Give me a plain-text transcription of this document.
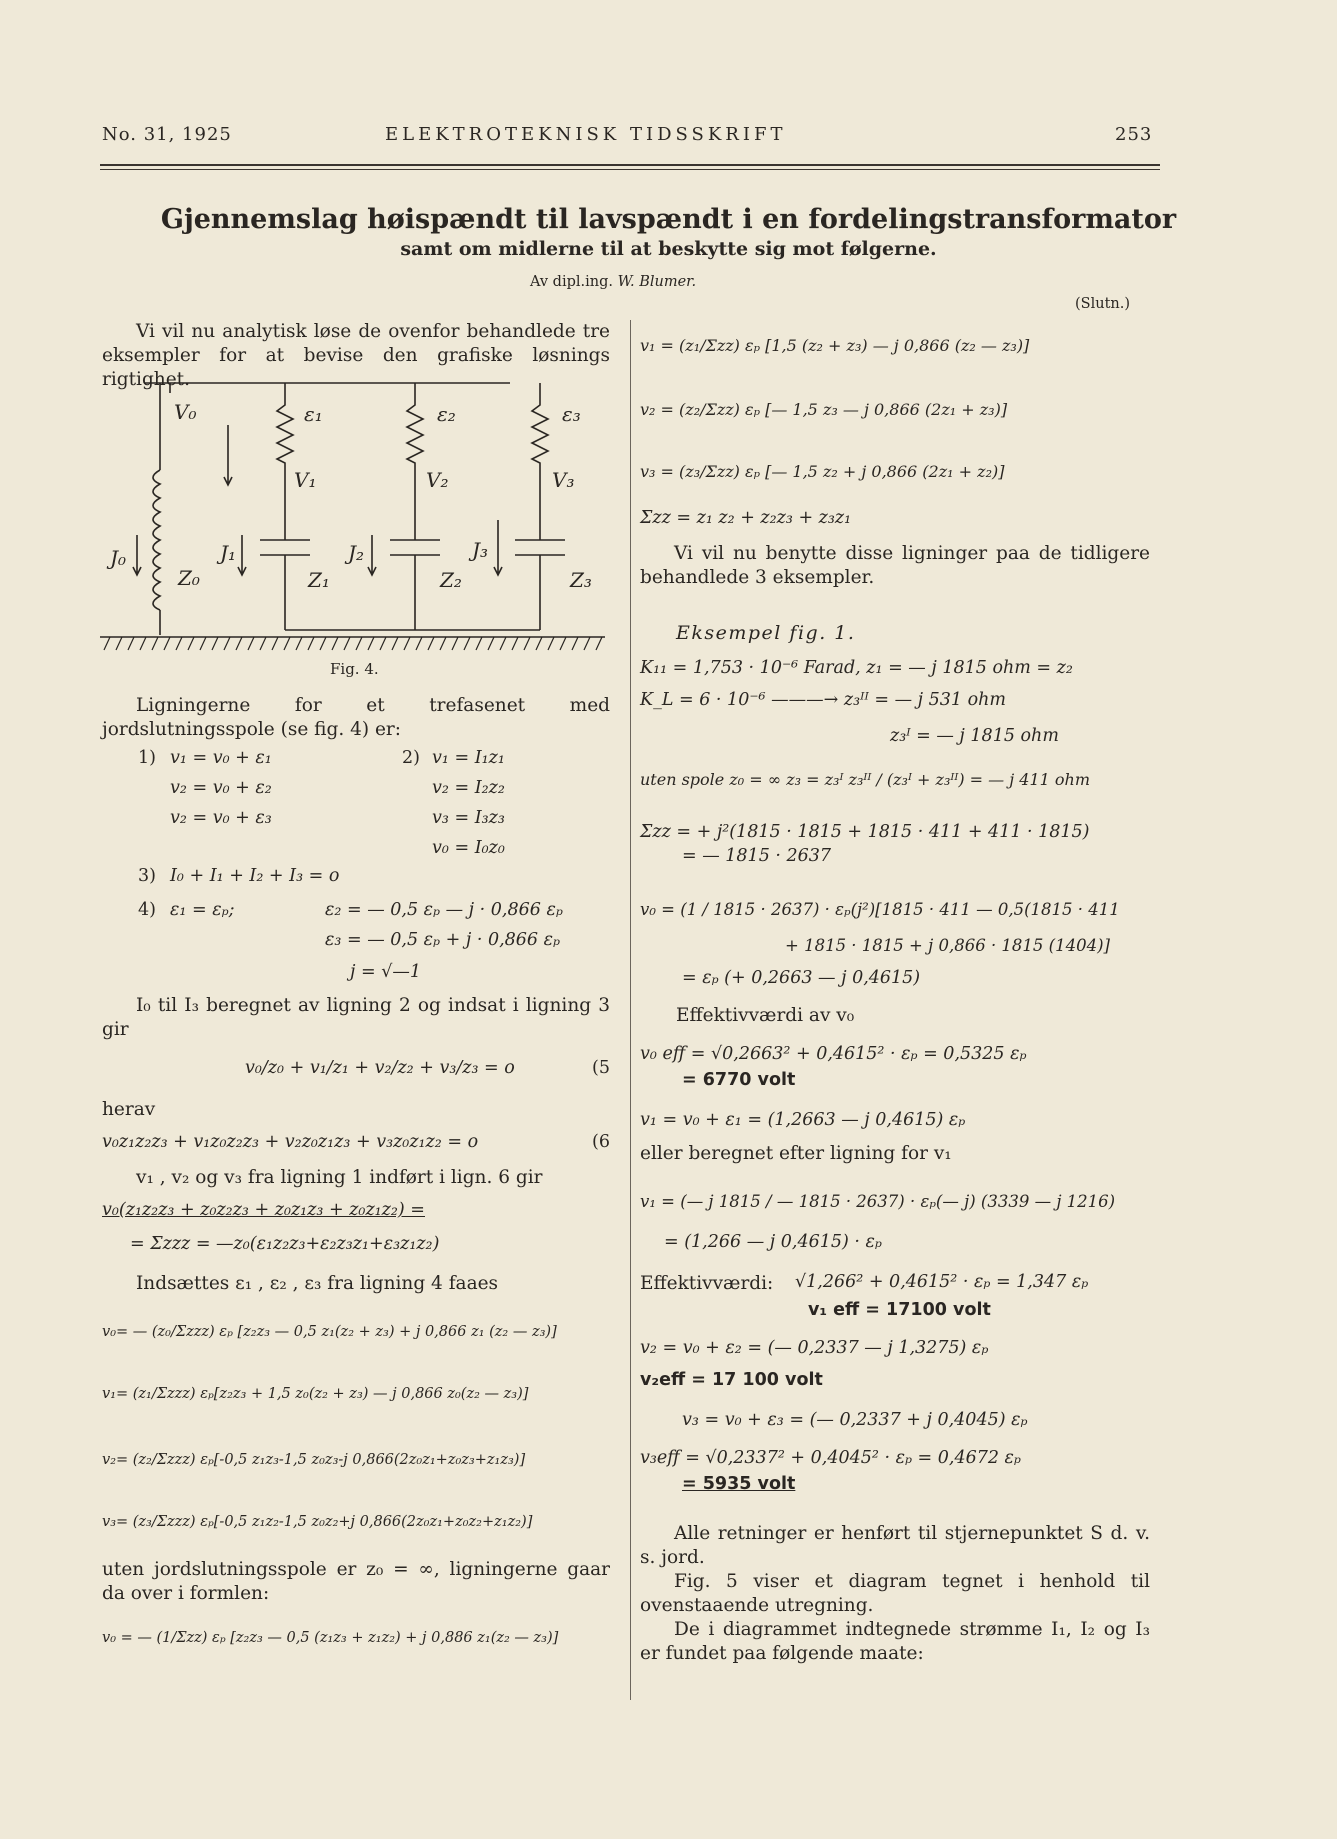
No. 31, 1925	ELEKTROTEKNISK TIDSSKRIFT	253
Gjennemslag høispændt til lavspændt i en fordelingstransformator
samt om midlerne til at beskytte sig mot følgerne.
Av dipl.ing. W. Blumer.
(Slutn.)

Vi vil nu analytisk løse de ovenfor behandlede tre eksempler for at bevise den grafiske løsnings rigtighet.

V₀	ε₁	ε₂	ε₃
V₁	V₂	V₃
J₀	J₁	J₂	J₃
Z₀	Z₁	Z₂	Z₃
Fig. 4.

Ligningerne for et trefasenet med jordslutningsspole (se fig. 4) er:

1) v₁ = v₀ + ε₁
v₂ = v₀ + ε₂
v₂ = v₀ + ε₃
2) v₁ = I₁z₁
v₂ = I₂z₂
v₃ = I₃z₃
v₀ = I₀z₀
3) I₀ + I₁ + I₂ + I₃ = o
4) ε₁ = εₚ;	ε₂ = — 0,5 εₚ — j · 0,866 εₚ
ε₃ = — 0,5 εₚ + j · 0,866 εₚ
j = √—1

I₀ til I₃ beregnet av ligning 2 og indsat i ligning 3 gir

v₀/z₀ + v₁/z₁ + v₂/z₂ + v₃/z₃ = o	(5
herav
v₀z₁z₂z₃ + v₁z₀z₂z₃ + v₂z₀z₁z₃ + v₃z₀z₁z₂ = o	(6
v₁ , v₂ og v₃ fra ligning 1 indført i lign. 6 gir
v₀(z₁z₂z₃ + z₀z₂z₃ + z₀z₁z₃ + z₀z₁z₂) =
= Σzzz = —z₀(ε₁z₂z₃+ε₂z₃z₁+ε₃z₁z₂)
Indsættes ε₁ , ε₂ , ε₃ fra ligning 4 faaes
v₀= — (z₀/Σzzz) εₚ [z₂z₃ — 0,5 z₁(z₂ + z₃) + j 0,866 z₁ (z₂ — z₃)]
v₁= (z₁/Σzzz) εₚ[z₂z₃ + 1,5 z₀(z₂ + z₃) — j 0,866 z₀(z₂ — z₃)]
v₂= (z₂/Σzzz) εₚ[-0,5 z₁z₃-1,5 z₀z₃-j 0,866(2z₀z₁+z₀z₃+z₁z₃)]
v₃= (z₃/Σzzz) εₚ[-0,5 z₁z₂-1,5 z₀z₂+j 0,866(2z₀z₁+z₀z₂+z₁z₂)]

uten jordslutningsspole er z₀ = ∞, ligningerne gaar da over i formlen:

v₀ = — (1/Σzz) εₚ [z₂z₃ — 0,5 (z₁z₃ + z₁z₂) + j 0,886 z₁(z₂ — z₃)]
v₁ = (z₁/Σzz) εₚ [1,5 (z₂ + z₃) — j 0,866 (z₂ — z₃)]
v₂ = (z₂/Σzz) εₚ [— 1,5 z₃ — j 0,866 (2z₁ + z₃)]
v₃ = (z₃/Σzz) εₚ [— 1,5 z₂ + j 0,866 (2z₁ + z₂)]
Σzz = z₁ z₂ + z₂z₃ + z₃z₁

Vi vil nu benytte disse ligninger paa de tidligere behandlede 3 eksempler.

Eksempel fig. 1.
K₁₁ = 1,753 · 10⁻⁶ Farad, z₁ = — j 1815 ohm = z₂
K_L = 6 · 10⁻⁶ ———→ z₃ᴵᴵ = — j 531 ohm
z₃ᴵ = — j 1815 ohm
uten spole z₀ = ∞ z₃ = z₃ᴵ z₃ᴵᴵ / (z₃ᴵ + z₃ᴵᴵ) = — j 411 ohm
Σzz = + j²(1815 · 1815 + 1815 · 411 + 411 · 1815)
= — 1815 · 2637
v₀ = (1 / 1815 · 2637) · εₚ(j²)[1815 · 411 — 0,5(1815 · 411
+ 1815 · 1815 + j 0,866 · 1815 (1404)]
= εₚ (+ 0,2663 — j 0,4615)
Effektivværdi av v₀
v₀ eff = √0,2663² + 0,4615² · εₚ = 0,5325 εₚ
= 6770 volt
v₁ = v₀ + ε₁ = (1,2663 — j 0,4615) εₚ
eller beregnet efter ligning for v₁
v₁ = (— j 1815 / — 1815 · 2637) · εₚ(— j) (3339 — j 1216)
= (1,266 — j 0,4615) · εₚ
Effektivværdi: √1,266² + 0,4615² · εₚ = 1,347 εₚ
v₁ eff = 17100 volt
v₂ = v₀ + ε₂ = (— 0,2337 — j 1,3275) εₚ
v₂eff = 17 100 volt
v₃ = v₀ + ε₃ = (— 0,2337 + j 0,4045) εₚ
v₃eff = √0,2337² + 0,4045² · εₚ = 0,4672 εₚ
= 5935 volt

Alle retninger er henført til stjernepunktet S d. v. s. jord.

Fig. 5 viser et diagram tegnet i henhold til ovenstaaende utregning.

De i diagrammet indtegnede strømme I₁, I₂ og I₃ er fundet paa følgende maate:
